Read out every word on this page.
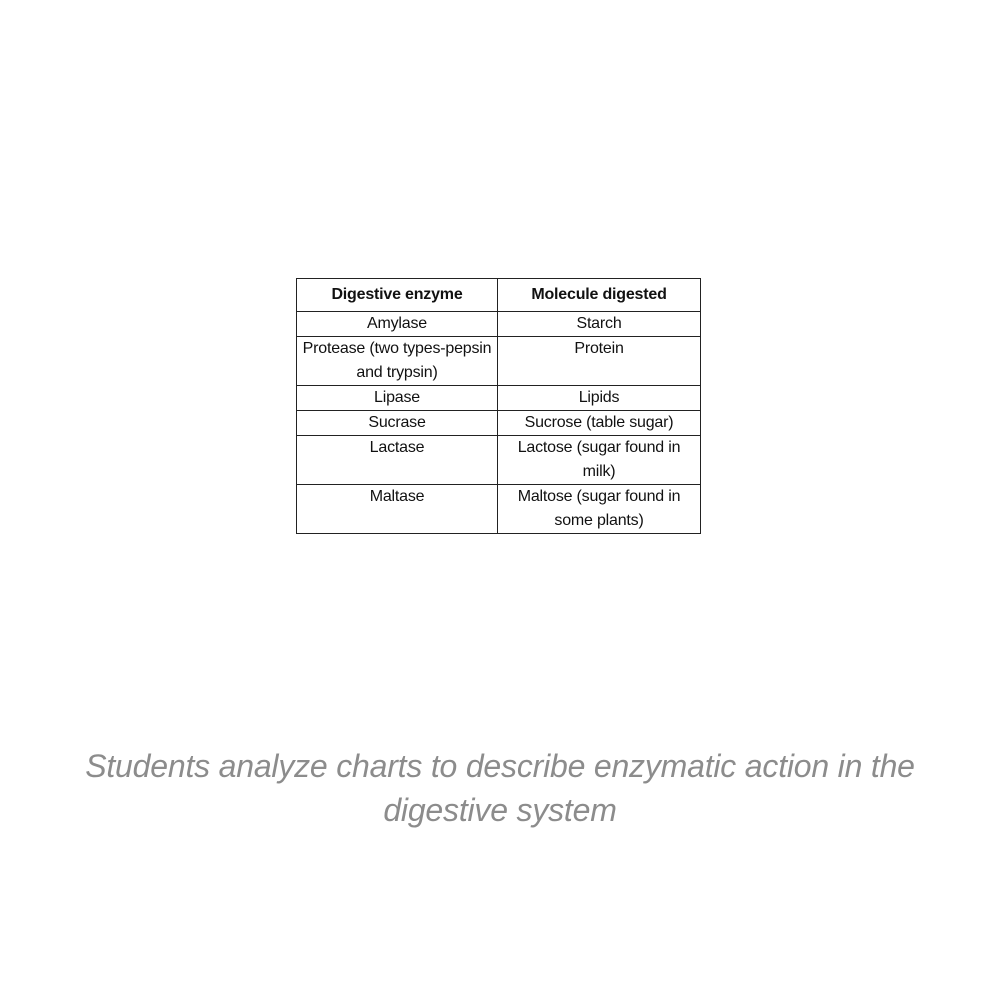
Digestive enzyme	Molecule digested
Amylase	Starch
Protease (two types-pepsin and trypsin)	Protein
Lipase	Lipids
Sucrase	Sucrose (table sugar)
Lactase	Lactose (sugar found in milk)
Maltase	Maltose (sugar found in some plants)
Students analyze charts to describe enzymatic action in the digestive system
